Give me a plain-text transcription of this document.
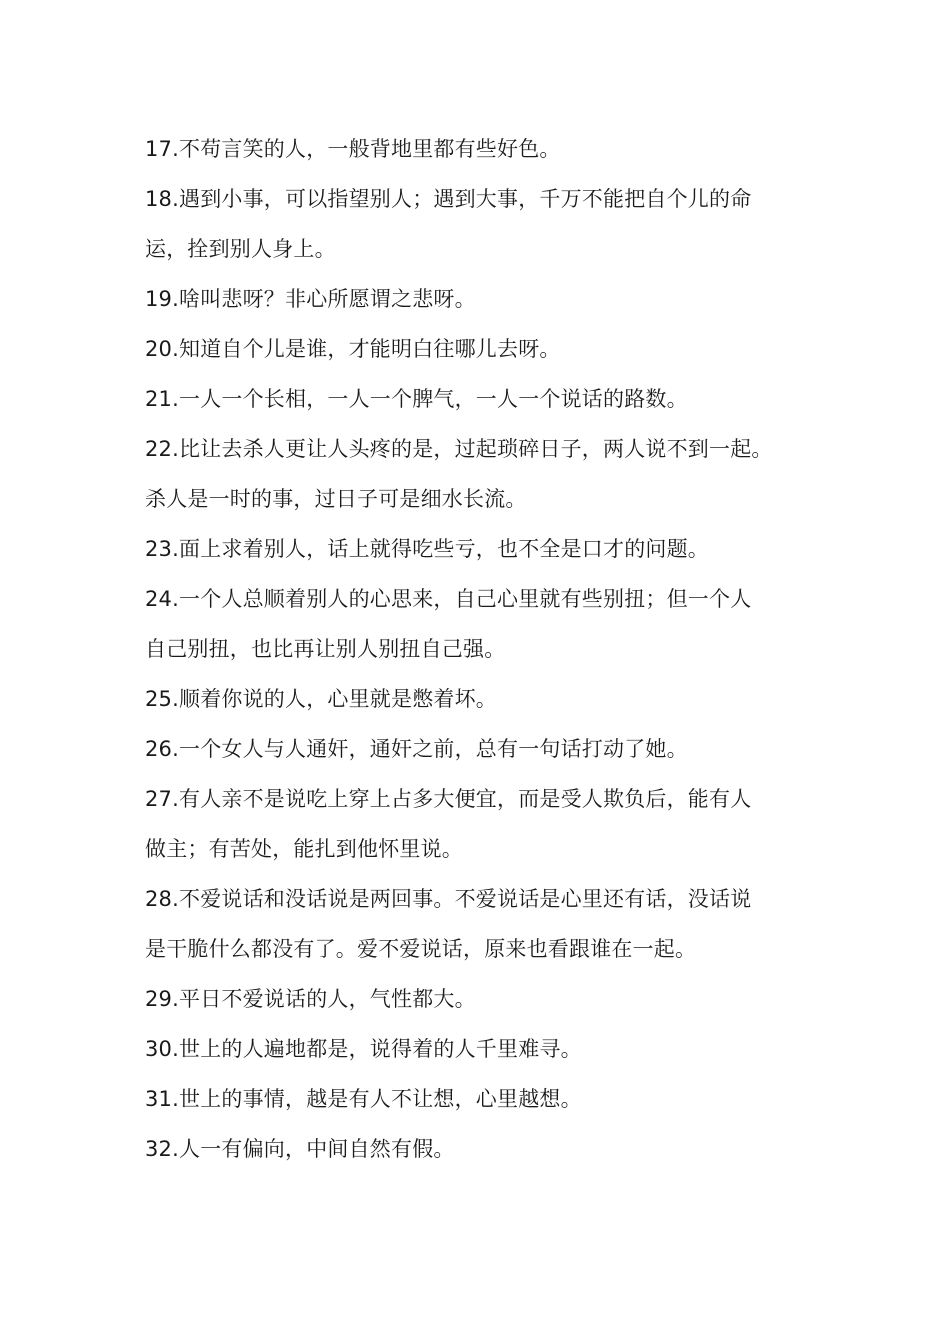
17.不苟言笑的人，一般背地里都有些好色。
18.遇到小事，可以指望别人；遇到大事，千万不能把自个儿的命
运，拴到别人身上。
19.啥叫悲呀？非心所愿谓之悲呀。
20.知道自个儿是谁，才能明白往哪儿去呀。
21.一人一个长相，一人一个脾气，一人一个说话的路数。
22.比让去杀人更让人头疼的是，过起琐碎日子，两人说不到一起。
杀人是一时的事，过日子可是细水长流。
23.面上求着别人，话上就得吃些亏，也不全是口才的问题。
24.一个人总顺着别人的心思来，自己心里就有些别扭；但一个人
自己别扭，也比再让别人别扭自己强。
25.顺着你说的人，心里就是憋着坏。
26.一个女人与人通奸，通奸之前，总有一句话打动了她。
27.有人亲不是说吃上穿上占多大便宜，而是受人欺负后，能有人
做主；有苦处，能扎到他怀里说。
28.不爱说话和没话说是两回事。不爱说话是心里还有话，没话说
是干脆什么都没有了。爱不爱说话，原来也看跟谁在一起。
29.平日不爱说话的人，气性都大。
30.世上的人遍地都是，说得着的人千里难寻。
31.世上的事情，越是有人不让想，心里越想。
32.人一有偏向，中间自然有假。
